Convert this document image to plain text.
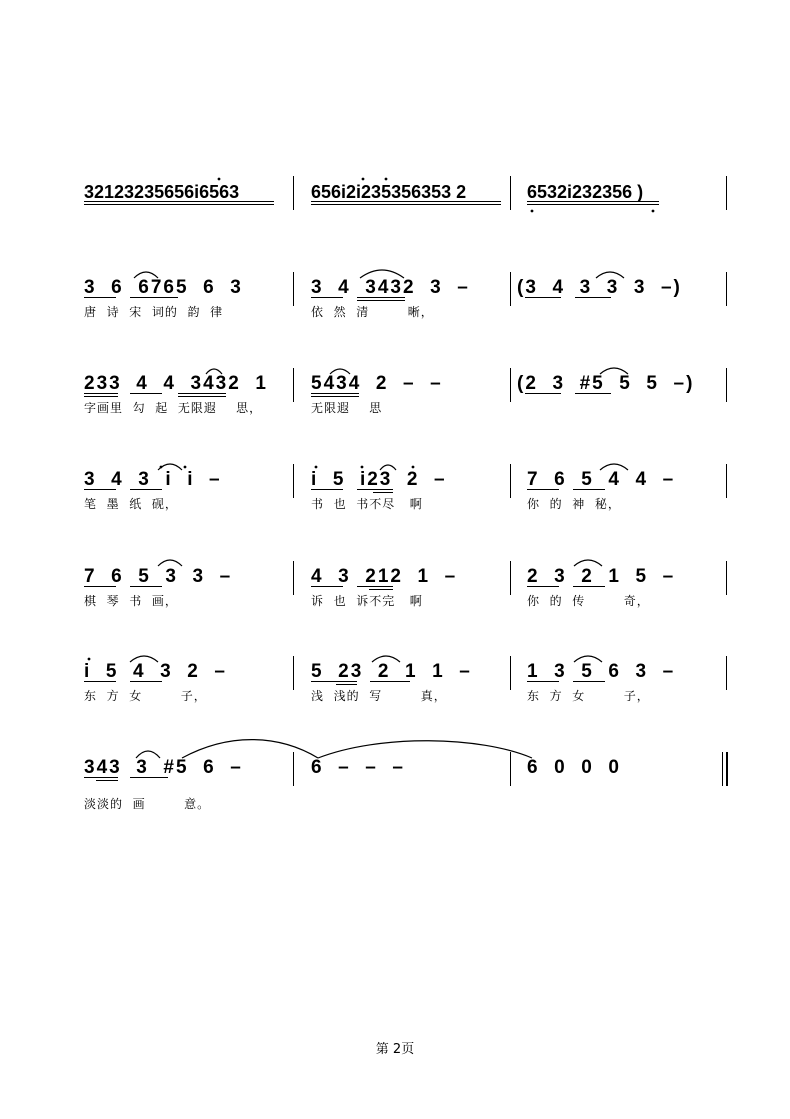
32123235656i6563	656i2i235356353 2	6532i232356 )
3  6  6765  6  3
唐  诗  宋  词的  韵  律
3  4  3432  3  –
依  然  清        晰，
(3  4  3  3  3  –)
233  4  4  3432  1
字画里  勾  起  无限遐    思，
5434  2  –  –
无限遐    思
(2  3  #5  5  5  –)
3  4  3  i  i  –
笔  墨  纸  砚，
i  5  i23  2  –
书  也  书不尽   啊
7  6  5  4  4  –
你  的  神  秘，
7  6  5  3  3  –
棋  琴  书  画，
4  3  212  1  –
诉  也  诉不完   啊
2  3  2  1  5  –
你  的  传        奇，
i  5  4  3  2  –
东  方  女        子，
5  23  2  1  1  –
浅  浅的  写        真，
1  3  5  6  3  –
东  方  女        子，
343  3  #5  6  –
淡淡的  画        意。
6  –  –  –	6  0  0  0
第 2页
